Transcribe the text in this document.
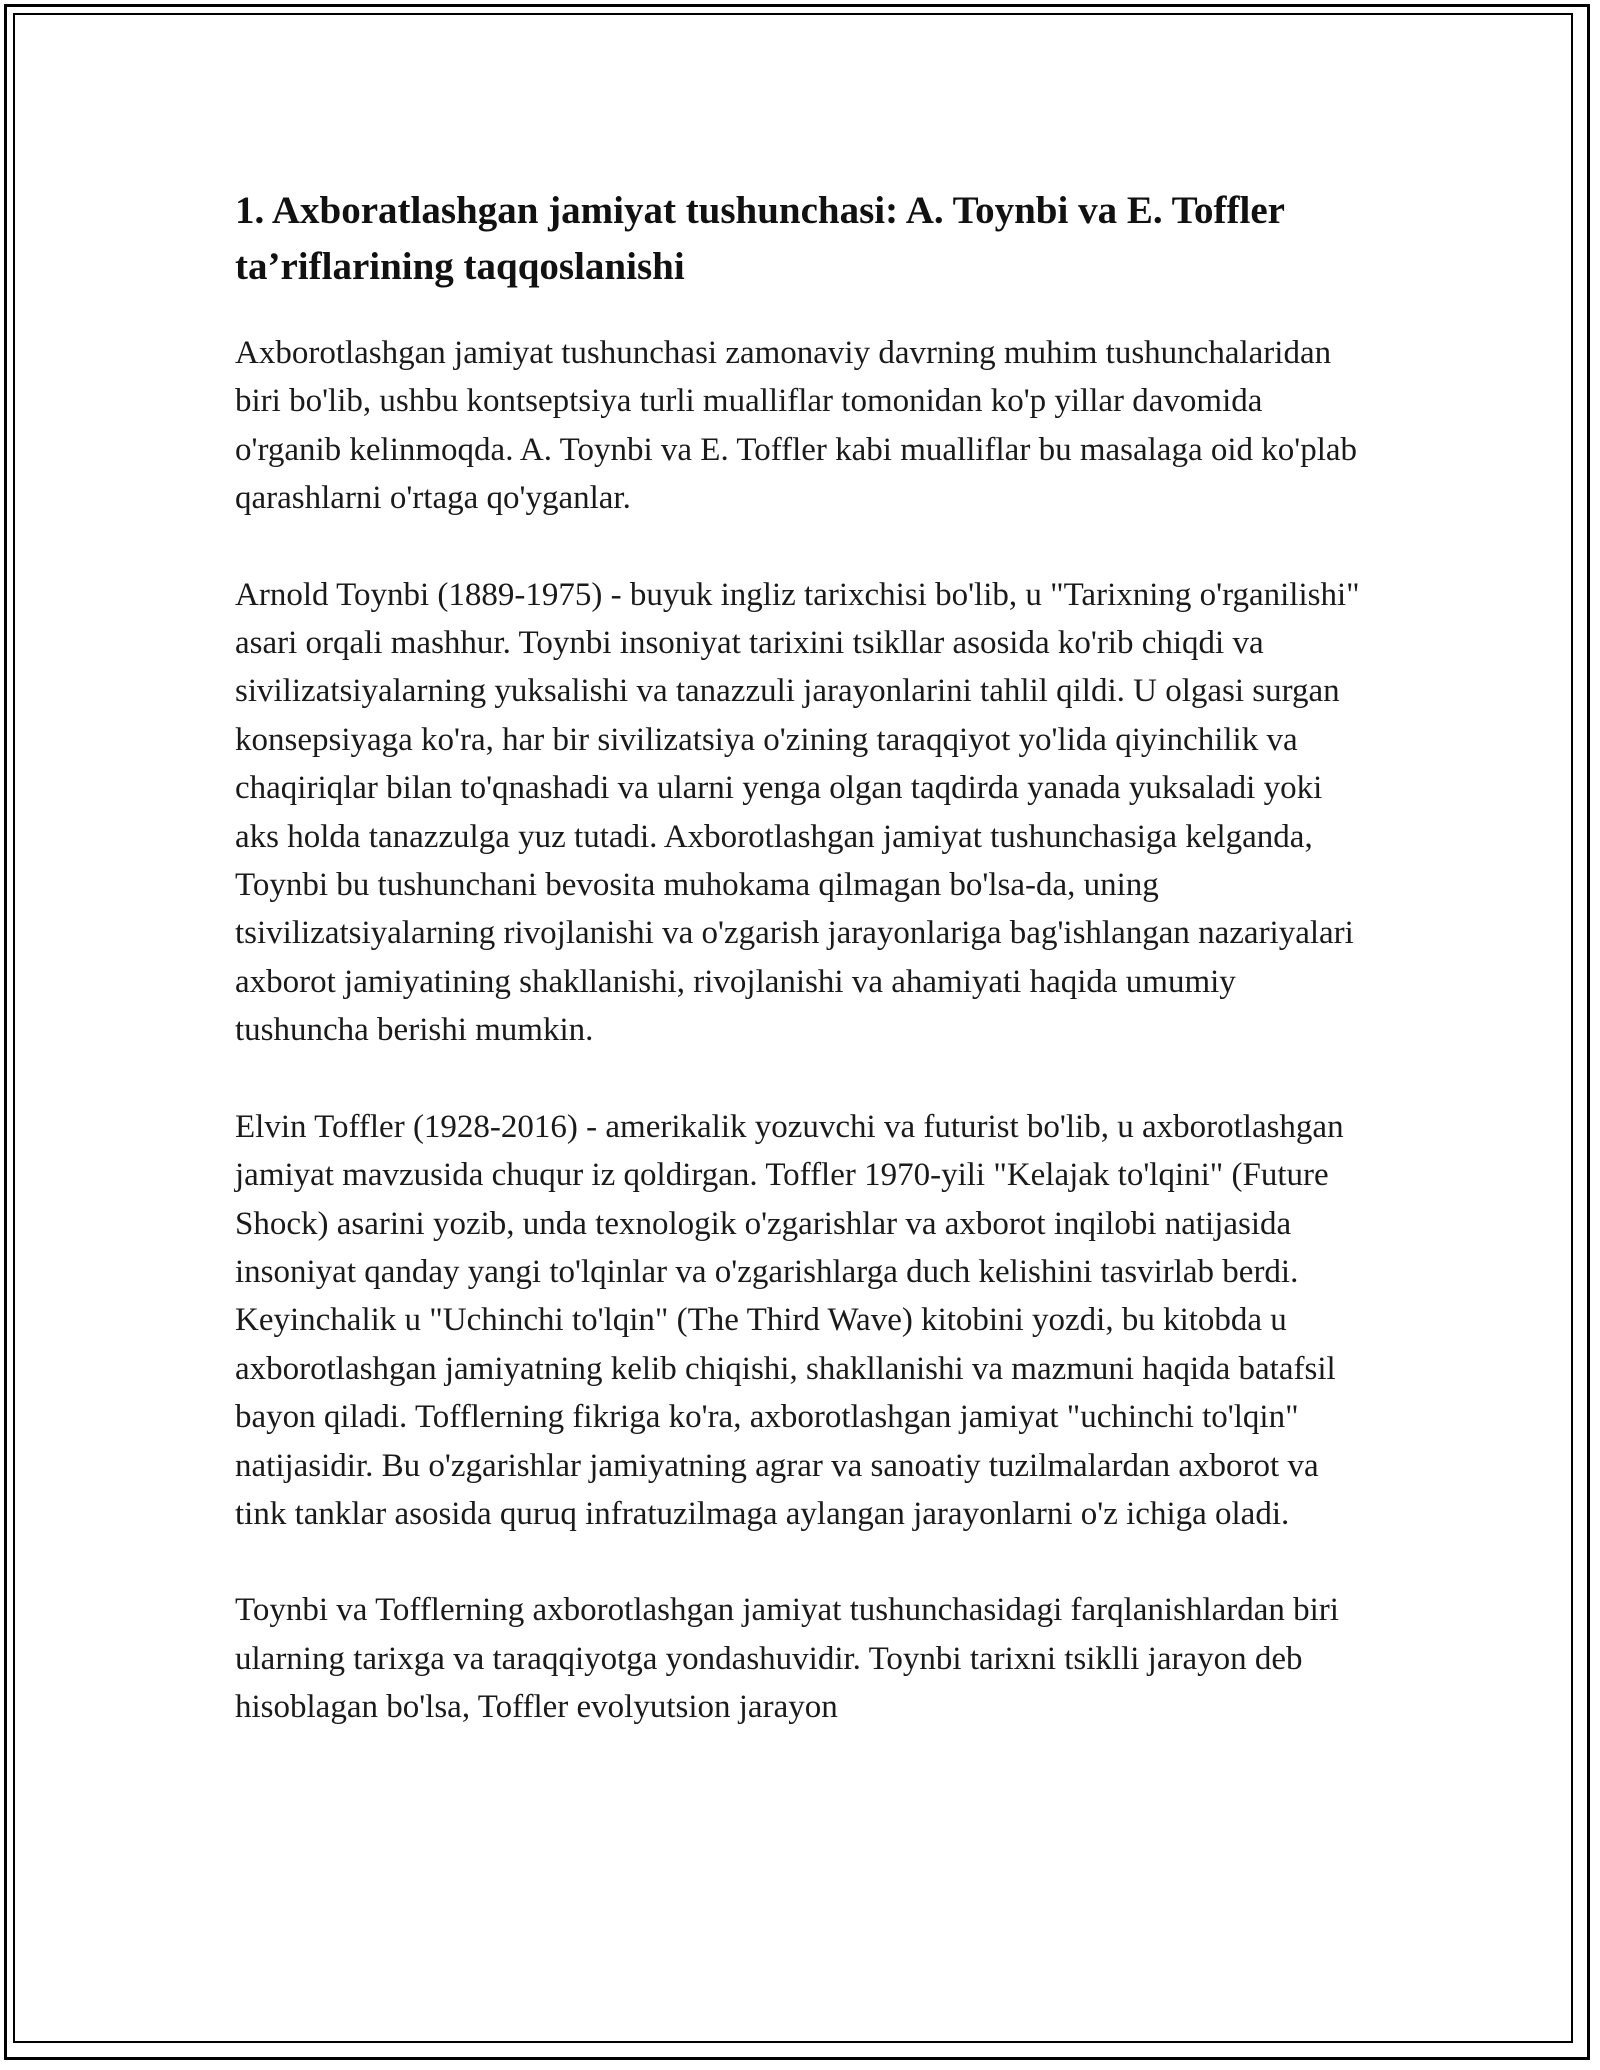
1. Axboratlashgan jamiyat tushunchasi: A. Toynbi va E. Toffler ta’riflarining taqqoslanishi

Axborotlashgan jamiyat tushunchasi zamonaviy davrning muhim tushunchalaridan biri bo'lib, ushbu kontseptsiya turli mualliflar tomonidan ko'p yillar davomida o'rganib kelinmoqda. A. Toynbi va E. Toffler kabi mualliflar bu masalaga oid ko'plab qarashlarni o'rtaga qo'yganlar.

Arnold Toynbi (1889-1975) - buyuk ingliz tarixchisi bo'lib, u "Tarixning o'rganilishi" asari orqali mashhur. Toynbi insoniyat tarixini tsikllar asosida ko'rib chiqdi va sivilizatsiyalarning yuksalishi va tanazzuli jarayonlarini tahlil qildi. U olgasi surgan konsepsiyaga ko'ra, har bir sivilizatsiya o'zining taraqqiyot yo'lida qiyinchilik va chaqiriqlar bilan to'qnashadi va ularni yenga olgan taqdirda yanada yuksaladi yoki aks holda tanazzulga yuz tutadi. Axborotlashgan jamiyat tushunchasiga kelganda, Toynbi bu tushunchani bevosita muhokama qilmagan bo'lsa-da, uning tsivilizatsiyalarning rivojlanishi va o'zgarish jarayonlariga bag'ishlangan nazariyalari axborot jamiyatining shakllanishi, rivojlanishi va ahamiyati haqida umumiy tushuncha berishi mumkin.

Elvin Toffler (1928-2016) - amerikalik yozuvchi va futurist bo'lib, u axborotlashgan jamiyat mavzusida chuqur iz qoldirgan. Toffler 1970-yili "Kelajak to'lqini" (Future Shock) asarini yozib, unda texnologik o'zgarishlar va axborot inqilobi natijasida insoniyat qanday yangi to'lqinlar va o'zgarishlarga duch kelishini tasvirlab berdi. Keyinchalik u "Uchinchi to'lqin" (The Third Wave) kitobini yozdi, bu kitobda u axborotlashgan jamiyatning kelib chiqishi, shakllanishi va mazmuni haqida batafsil bayon qiladi. Tofflerning fikriga ko'ra, axborotlashgan jamiyat "uchinchi to'lqin" natijasidir. Bu o'zgarishlar jamiyatning agrar va sanoatiy tuzilmalardan axborot va tink tanklar asosida quruq infratuzilmaga aylangan jarayonlarni o'z ichiga oladi.

Toynbi va Tofflerning axborotlashgan jamiyat tushunchasidagi farqlanishlardan biri ularning tarixga va taraqqiyotga yondashuvidir. Toynbi tarixni tsiklli jarayon deb hisoblagan bo'lsa, Toffler evolyutsion jarayon
